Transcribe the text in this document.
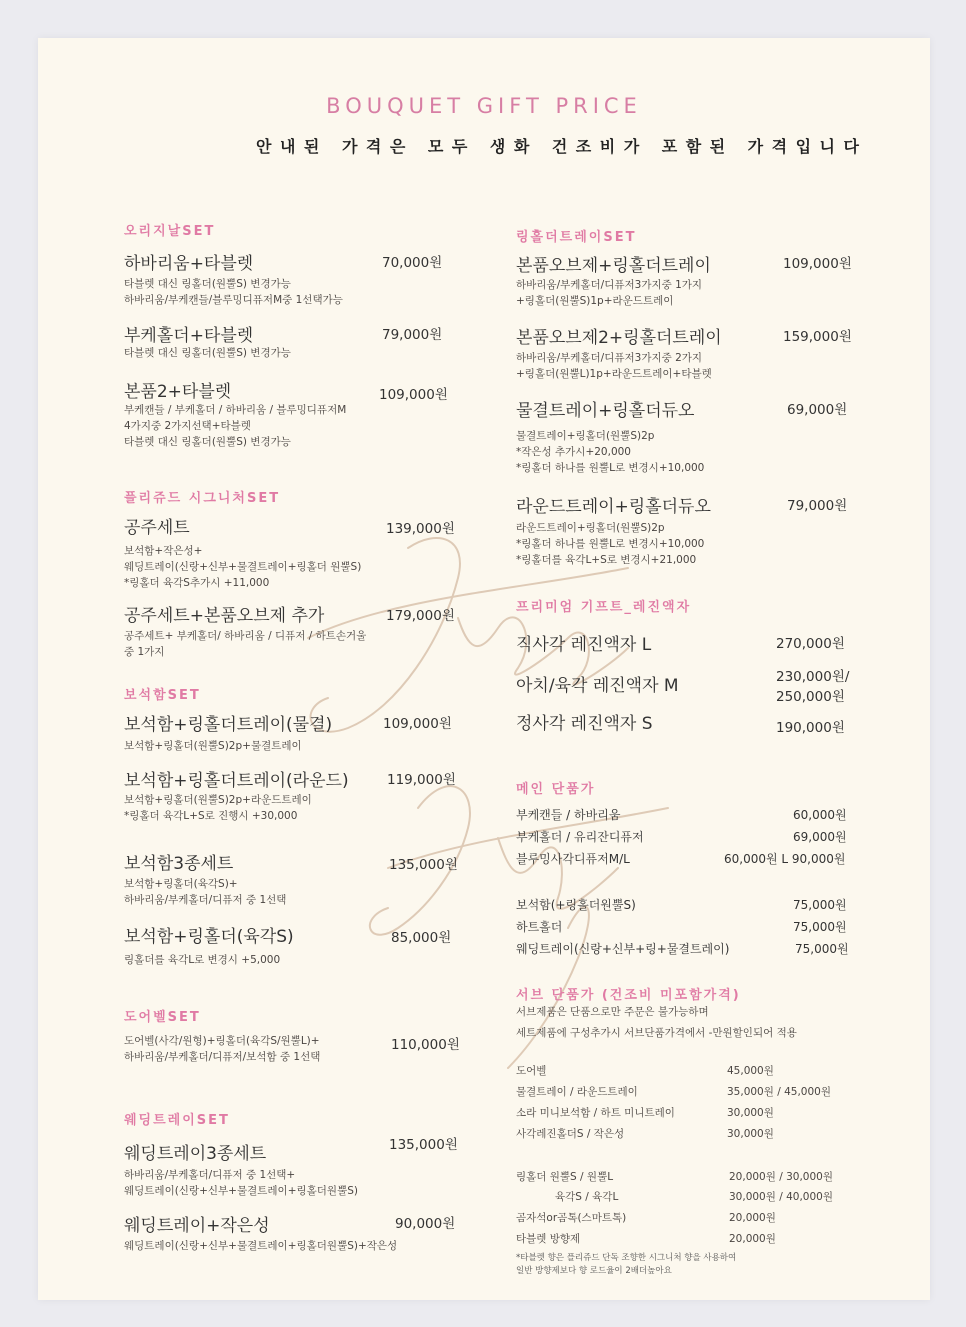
BOUQUET GIFT PRICE
안내된 가격은 모두 생화 건조비가 포함된 가격입니다
오리지날SET
하바리움+타블렛	70,000원
타블렛 대신 링홀더(원뿔S) 변경가능
하바리움/부케캔들/블루밍디퓨저M중 1선택가능
부케홀더+타블렛	79,000원
타블렛 대신 링홀더(원뿔S) 변경가능
본품2+타블렛	109,000원
부케캔들 / 부케홀더 / 하바리움 / 블루밍디퓨저M
4가지중 2가지선택+타블렛
타블렛 대신 링홀더(원뿔S) 변경가능
플리쥬드 시그니처SET
공주세트	139,000원
보석함+작은성+
웨딩트레이(신랑+신부+물결트레이+링홀더 원뿔S)
*링홀더 육각S추가시 +11,000
공주세트+본품오브제 추가	179,000원
공주세트+ 부케홀더/ 하바리움 / 디퓨저 / 하트손거울
중 1가지
보석함SET
보석함+링홀더트레이(물결)	109,000원
보석함+링홀더(원뿔S)2p+물결트레이
보석함+링홀더트레이(라운드)	119,000원
보석함+링홀더(원뿔S)2p+라운드트레이
*링홀더 육각L+S로 진행시 +30,000
보석함3종세트	135,000원
보석함+링홀더(육각S)+
하바리움/부케홀더/디퓨저 중 1선택
보석함+링홀더(육각S)	85,000원
링홀더를 육각L로 변경시 +5,000
도어벨SET
110,000원
도어벨(사각/원형)+링홀더(육각S/원뿔L)+
하바리움/부케홀더/디퓨저/보석함 중 1선택
웨딩트레이SET
웨딩트레이3종세트	135,000원
하바리움/부케홀더/디퓨저 중 1선택+
웨딩트레이(신랑+신부+물결트레이+링홀더원뿔S)
웨딩트레이+작은성	90,000원
웨딩트레이(신랑+신부+물결트레이+링홀더원뿔S)+작은성
링홀더트레이SET
본품오브제+링홀더트레이	109,000원
하바리움/부케홀더/디퓨저3가지중 1가지
+링홀더(원뿔S)1p+라운드트레이
본품오브제2+링홀더트레이	159,000원
하바리움/부케홀더/디퓨저3가지중 2가지
+링홀더(원뿔L)1p+라운드트레이+타블렛
물결트레이+링홀더듀오	69,000원
물결트레이+링홀더(원뿔S)2p
*작은성 추가시+20,000
*링홀더 하나를 원뿔L로 변경시+10,000
라운드트레이+링홀더듀오	79,000원
라운드트레이+링홀더(원뿔S)2p
*링홀더 하나를 원뿔L로 변경시+10,000
*링홀더를 육각L+S로 변경시+21,000
프리미엄 기프트_레진액자
직사각 레진액자 L	270,000원
아치/육각 레진액자 M	230,000원/
250,000원
정사각 레진액자 S	190,000원
메인 단품가
부케캔들 / 하바리움	60,000원
부케홀더 / 유리잔디퓨저	69,000원
블루밍사각디퓨저M/L	60,000원 L 90,000원
보석함(+링홀더원뿔S)	75,000원
하트홀더	75,000원
웨딩트레이(신랑+신부+링+물결트레이)	75,000원
서브 단품가 (건조비 미포함가격)
서브제품은 단품으로만 주문은 불가능하며
세트제품에 구성추가시 서브단품가격에서 -만원할인되어 적용
도어벨	45,000원
물결트레이 / 라운드트레이	35,000원 / 45,000원
소라 미니보석함 / 하트 미니트레이	30,000원
사각레진홀더S / 작은성	30,000원
링홀더 원뿔S / 원뿔L	20,000원 / 30,000원
육각S / 육각L	30,000원 / 40,000원
곰자석or곰톡(스마트톡)	20,000원
타블렛 방향제	20,000원
*타블렛 향은 플리쥬드 단독 조향한 시그니처 향을 사용하여
일반 방향제보다 향 로드율이 2배더높아요
